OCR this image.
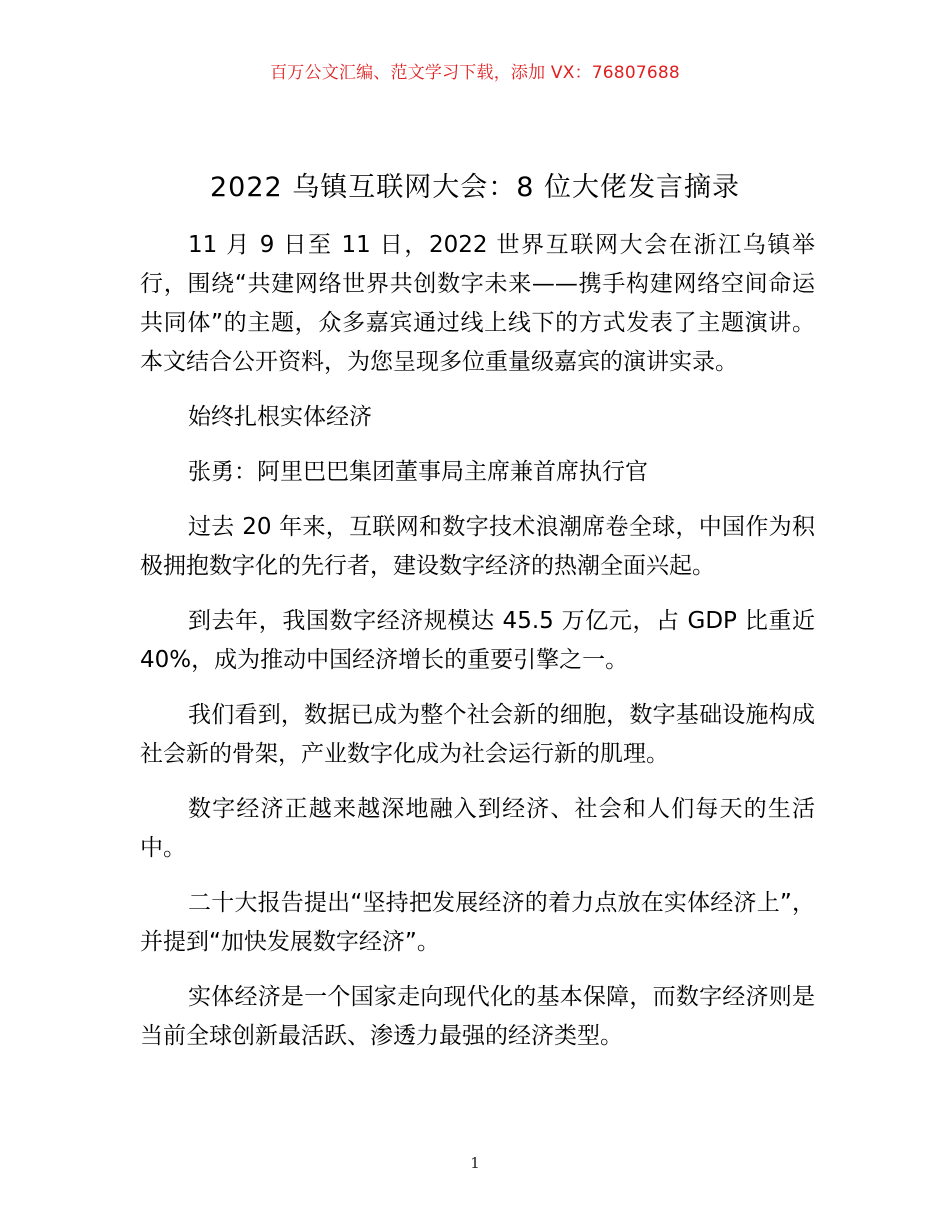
百万公文汇编、范文学习下载，添加 VX：76807688
2022 乌镇互联网大会：8 位大佬发言摘录

11 月 9 日至 11 日，2022 世界互联网大会在浙江乌镇举行，围绕“共建网络世界共创数字未来——携手构建网络空间命运共同体”的主题，众多嘉宾通过线上线下的方式发表了主题演讲。本文结合公开资料，为您呈现多位重量级嘉宾的演讲实录。

始终扎根实体经济

张勇：阿里巴巴集团董事局主席兼首席执行官

过去 20 年来，互联网和数字技术浪潮席卷全球，中国作为积极拥抱数字化的先行者，建设数字经济的热潮全面兴起。

到去年，我国数字经济规模达 45.5 万亿元，占 GDP 比重近 40%，成为推动中国经济增长的重要引擎之一。

我们看到，数据已成为整个社会新的细胞，数字基础设施构成社会新的骨架，产业数字化成为社会运行新的肌理。

数字经济正越来越深地融入到经济、社会和人们每天的生活中。

二十大报告提出“坚持把发展经济的着力点放在实体经济上”，并提到“加快发展数字经济”。

实体经济是一个国家走向现代化的基本保障，而数字经济则是当前全球创新最活跃、渗透力最强的经济类型。

1
